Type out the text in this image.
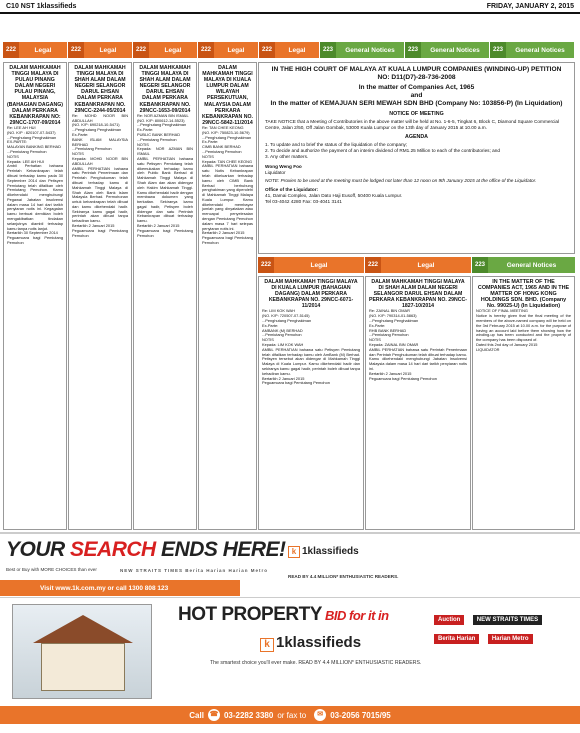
C10 NST 1klassifieds	FRIDAY, JANUARY 2, 2015
222	Legal	222	Legal	222	Legal	222	Legal	222	Legal	223	General Notices	223	General Notices	223	General Notices
DALAM MAHKAMAH TINGGI MALAYA DI PULAU PINANG DALAM NEGERI PULAU PINANG, MALAYSIA (BAHAGIAN DAGANG) DALAM PERKARA KEBANKRAPAN NO: 29NCC-1707-09/2014
Re: LEE AH HUI
(NO. K/P : 820107-07-5437)
...Penghutang Penghakiman
EX-PARTE:
MALAYAN BANKING BERHAD
...Pemiutang Pemohon
NOTIS
Kepada: LEE AH HUI
Ambil Perhatian bahawa Perintah Kebankrapan telah dibuat terhadap kamu pada 30 September 2014 dan Petisyen Pemiutang telah difailkan oleh Pemiutang Pemohon. Kamu dikehendaki menghubungi Pegawai Jabatan Insolvensi dalam masa 14 hari dari tarikh penyiaran notis ini. Kegagalan kamu berbuat demikian boleh mengakibatkan tindakan selanjutnya diambil terhadap kamu tanpa notis lanjut.
Bertarikh 30 September 2014
Peguamcara bagi Pemiutang Pemohon
DALAM MAHKAMAH TINGGI MALAYA DI SHAH ALAM DALAM NEGERI SELANGOR DARUL EHSAN DALAM PERKARA KEBANKRAPAN NO. 29NCC-2244-05/2014
Re: MOHD NOOR BIN ABDULLAH
(NO. K/P: 690218-10-5471)
...Penghutang Penghakiman
Ex-Parte:
BANK ISLAM MALAYSIA BERHAD
...Pemiutang Pemohon
NOTIS
Kepada: MOHD NOOR BIN ABDULLAH
AMBIL PERHATIAN bahawa satu Perintah Penerimaan dan Perintah Penghukuman telah dibuat terhadap kamu di Mahkamah Tinggi Malaya di Shah Alam oleh Bank Islam Malaysia Berhad. Permohonan untuk kebankrapan telah dibuat dan kamu dikehendaki hadir. Sekiranya kamu gagal hadir, perintah akan dibuat tanpa kehadiran kamu.
Bertarikh 2 Januari 2015
Peguamcara bagi Pemiutang Pemohon
DALAM MAHKAMAH TINGGI MALAYA DI SHAH ALAM DALAM NEGERI SELANGOR DARUL EHSAN DALAM PERKARA KEBANKRAPAN NO. 29NCC-1653-09/2014
Re: NOR AZMAN BIN ISMAIL
(NO. K/P: 800612-14-5523)
...Penghutang Penghakiman
Ex-Parte:
PUBLIC BANK BERHAD
...Pemiutang Pemohon
NOTIS
Kepada: NOR AZMAN BIN ISMAIL
AMBIL PERHATIAN bahawa satu Petisyen Pemiutang telah dikemukakan terhadap kamu oleh Public Bank Berhad di Mahkamah Tinggi Malaya di Shah Alam dan akan didengar oleh Hakim Mahkamah Tinggi. Kamu dikehendaki hadir dengan membawa dokumen yang berkaitan. Sekiranya kamu gagal hadir, Petisyen boleh didengar dan satu Perintah Kebankrapan dibuat terhadap kamu.
Bertarikh 2 Januari 2015
Peguamcara bagi Pemiutang Pemohon
DALAM MAHKAMAH TINGGI MALAYA DI KUALA LUMPUR DALAM WILAYAH PERSEKUTUAN, MALAYSIA DALAM PERKARA KEBANKRAPAN NO. 29NCC-5842-11/2014
Re: TAN CHEE KEONG
(NO. K/P: 750823-10-5679)
...Penghutang Penghakiman
Ex-Parte:
CIMB BANK BERHAD
...Pemiutang Pemohon
NOTIS
Kepada: TAN CHEE KEONG
AMBIL PERHATIAN bahawa satu Notis Kebankrapan telah dikeluarkan terhadap kamu oleh CIMB Bank Berhad berhubung penghakiman yang diperolehi di Mahkamah Tinggi Malaya Kuala Lumpur. Kamu dikehendaki membayar jumlah yang dinyatakan atau mencapai penyelesaian dengan Pemiutang Pemohon dalam masa 7 hari selepas penyiaran notis ini.
Bertarikh 2 Januari 2015
Peguamcara bagi Pemiutang Pemohon
IN THE HIGH COURT OF MALAYA AT KUALA LUMPUR COMPANIES (WINDING-UP) PETITION NO: D11(D7)-28-736-2008
In the matter of Companies Act, 1965
and
In the matter of KEMAJUAN SERI MEWAH SDN BHD (Company No: 103856-P) (In Liquidation)
NOTICE OF MEETING
TAKE NOTICE that a Meeting of Contributories in the above matter will be held at No. 1-6-5, Tingkat 6, Block C, Diamond Square Commercial Centre, Jalan 2/50, Off Jalan Gombak, 53000 Kuala Lumpur on the 13th day of January 2015 at 10.00 a.m.
AGENDA
1. To update and to brief the status of the liquidation of the company;
2. To decide and authorize the payment of an interim dividend of RM1.25 Million to each of the contributories; and
3. Any other matters.
Wong Weng Foo
Liquidator
NOTE: Proxies to be used at the meeting must be lodged not later than 12 noon on 9th January 2015 at the office of the Liquidator.
Office of the Liquidator:
41, Damai Complex, Jalan Dato Haji Eusoff, 50400 Kuala Lumpur.
Tel 03-4042 4280 Fax: 03-4041 3141
222	Legal	222	Legal	223	General Notices
DALAM MAHKAMAH TINGGI MALAYA DI KUALA LUMPUR (BAHAGIAN DAGANG) DALAM PERKARA KEBANKRAPAN NO. 29NCC-6071-11/2014
Re: LIM KOK WAH
(NO. K/P: 720507-07-5145)
...Penghutang Penghakiman
Ex-Parte:
AMBANK (M) BERHAD
...Pemiutang Pemohon
NOTIS
Kepada: LIM KOK WAH
AMBIL PERHATIAN bahawa satu Petisyen Pemiutang telah difailkan terhadap kamu oleh AmBank (M) Berhad. Petisyen tersebut akan didengar di Mahkamah Tinggi Malaya di Kuala Lumpur. Kamu dikehendaki hadir dan sekiranya kamu gagal hadir, perintah boleh dibuat tanpa kehadiran kamu.
Bertarikh 2 Januari 2015
Peguamcara bagi Pemiutang Pemohon
DALAM MAHKAMAH TINGGI MALAYA DI SHAH ALAM DALAM NEGERI SELANGOR DARUL EHSAN DALAM PERKARA KEBANKRAPAN NO. 29NCC-1827-10/2014
Re: ZAINAL BIN OMAR
(NO. K/P: 790314-01-5863)
...Penghutang Penghakiman
Ex-Parte:
RHB BANK BERHAD
...Pemiutang Pemohon
NOTIS
Kepada: ZAINAL BIN OMAR
AMBIL PERHATIAN bahawa satu Perintah Penerimaan dan Perintah Penghukuman telah dibuat terhadap kamu. Kamu dikehendaki menghubungi Jabatan Insolvensi Malaysia dalam masa 14 hari dari tarikh penyiaran notis ini.
Bertarikh 2 Januari 2015
Peguamcara bagi Pemiutang Pemohon
IN THE MATTER OF THE COMPANIES ACT, 1965 AND IN THE MATTER OF HONG KONG HOLDINGS SDN. BHD. (Company No. 99025-U) (In Liquidation)
NOTICE OF FINAL MEETING
Notice is hereby given that the final meeting of the members of the above-named company will be held on the 3rd February 2015 at 10.00 a.m. for the purpose of having an account laid before them showing how the winding-up has been conducted and the property of the company has been disposed of.
Dated this 2nd day of January 2015
LIQUIDATOR
YOUR SEARCH ENDS HERE!
Best or Buy with MORE CHOICES than ever	NEW STRAITS TIMES Berita Harian Harian Metro
k 1klassifieds
READ BY 4.4 MILLION* ENTHUSIASTIC READERS.
Visit www.1k.com.my or call 1300 808 123
HOT PROPERTY BID for it in
k 1klassifieds
The smartest choice you'll ever make. READ BY 4.4 MILLION* ENTHUSIASTIC READERS.
Auction	NEW STRAITS TIMES Berita Harian	Harian Metro
Call ☎ 03-2282 3380 or fax to	✉ 03-2056 7015/95
